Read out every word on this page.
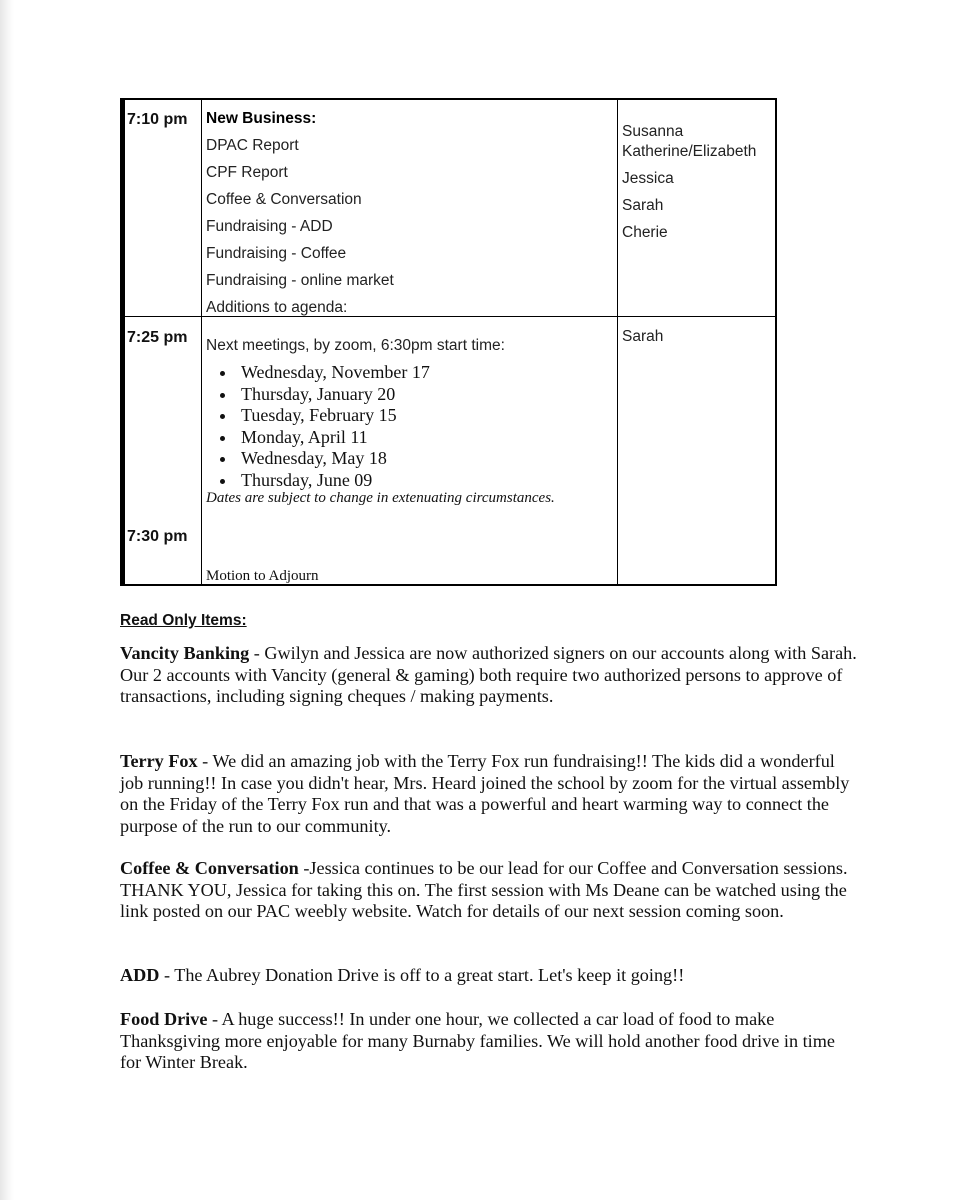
7:10 pm New Business:
DPAC Report
CPF Report
Coffee & Conversation
Fundraising - ADD
Fundraising - Coffee
Fundraising - online market
Additions to agenda:
Susanna
Katherine/Elizabeth
Jessica
Sarah
Cherie
7:25 pm Next meetings, by zoom, 6:30pm start time:
• Wednesday, November 17
• Thursday, January 20
• Tuesday, February 15
• Monday, April 11
• Wednesday, May 18
• Thursday, June 09
Dates are subject to change in extenuating circumstances.
Sarah
7:30 pm
Motion to Adjourn
Read Only Items:

Vancity Banking - Gwilyn and Jessica are now authorized signers on our accounts along with Sarah. Our 2 accounts with Vancity (general & gaming) both require two authorized persons to approve of transactions, including signing cheques / making payments.

Terry Fox - We did an amazing job with the Terry Fox run fundraising!! The kids did a wonderful job running!! In case you didn't hear, Mrs. Heard joined the school by zoom for the virtual assembly on the Friday of the Terry Fox run and that was a powerful and heart warming way to connect the purpose of the run to our community.

Coffee & Conversation -Jessica continues to be our lead for our Coffee and Conversation sessions. THANK YOU, Jessica for taking this on. The first session with Ms Deane can be watched using the link posted on our PAC weebly website. Watch for details of our next session coming soon.

ADD - The Aubrey Donation Drive is off to a great start. Let's keep it going!!

Food Drive - A huge success!! In under one hour, we collected a car load of food to make Thanksgiving more enjoyable for many Burnaby families. We will hold another food drive in time for Winter Break.
